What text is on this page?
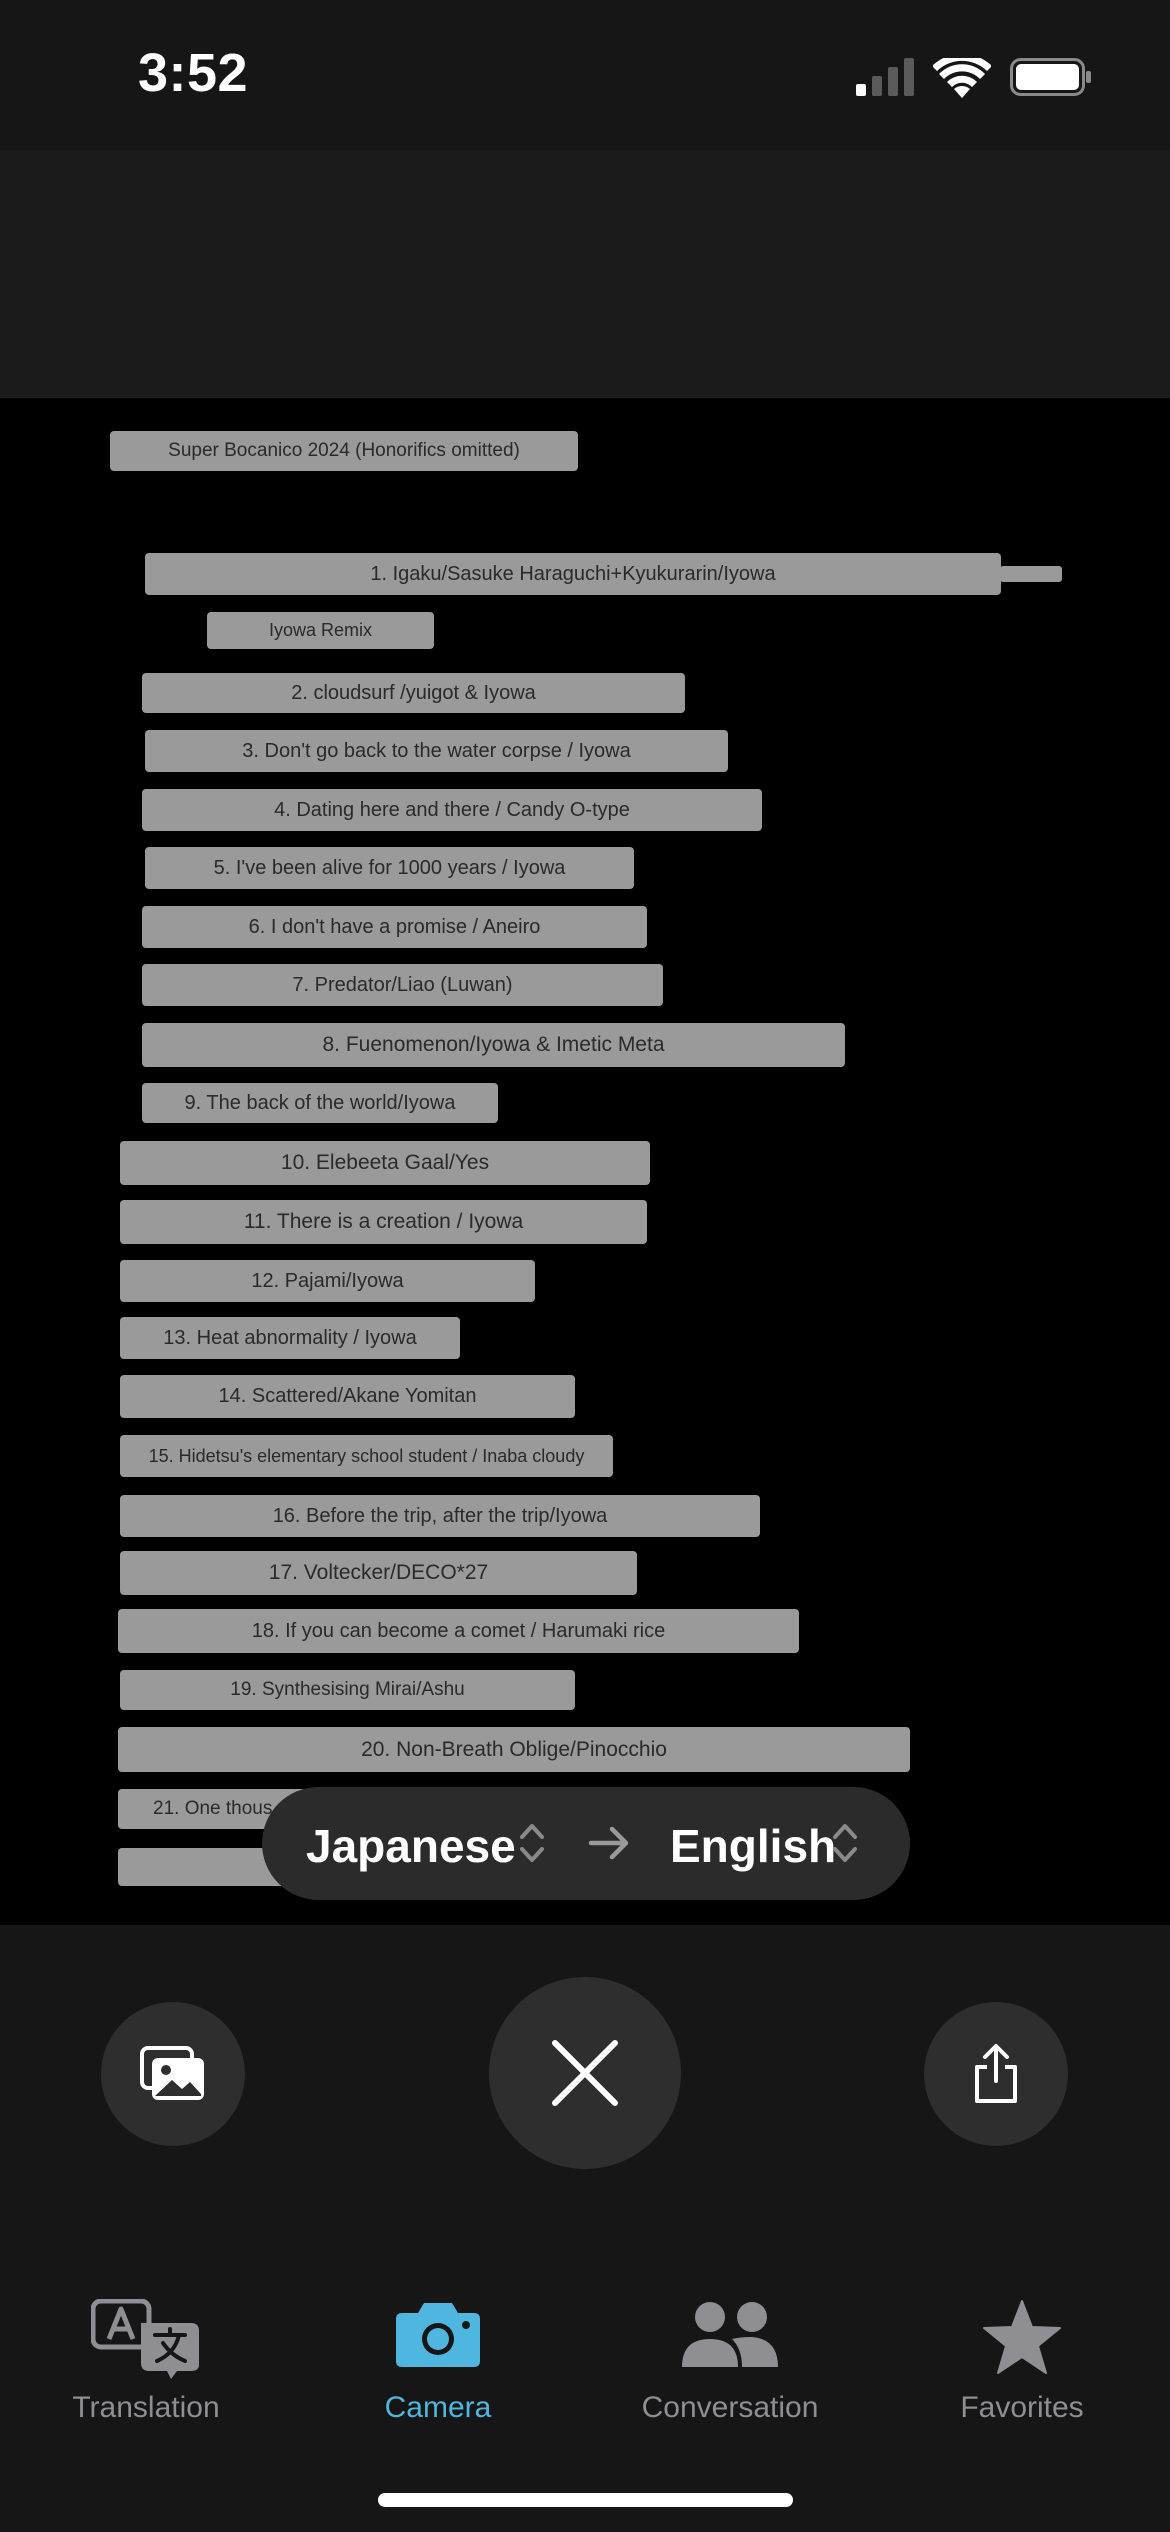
3:52
Super Bocanico 2024 (Honorifics omitted)
1. Igaku/Sasuke Haraguchi+Kyukurarin/Iyowa
Iyowa Remix
2. cloudsurf /yuigot & Iyowa
3. Don't go back to the water corpse / Iyowa
4. Dating here and there / Candy O-type
5. I've been alive for 1000 years / Iyowa
6. I don't have a promise / Aneiro
7. Predator/Liao (Luwan)
8. Fuenomenon/Iyowa & Imetic Meta
9. The back of the world/Iyowa
10. Elebeeta Gaal/Yes
11. There is a creation / Iyowa
12. Pajami/Iyowa
13. Heat abnormality / Iyowa
14. Scattered/Akane Yomitan
15. Hidetsu's elementary school student / Inaba cloudy
16. Before the trip, after the trip/Iyowa
17. Voltecker/DECO*27
18. If you can become a comet / Harumaki rice
19. Synthesising Mirai/Ashu
20. Non-Breath Oblige/Pinocchio
21. One thous
Japanese	English
Translation	Camera	Conversation	Favorites
